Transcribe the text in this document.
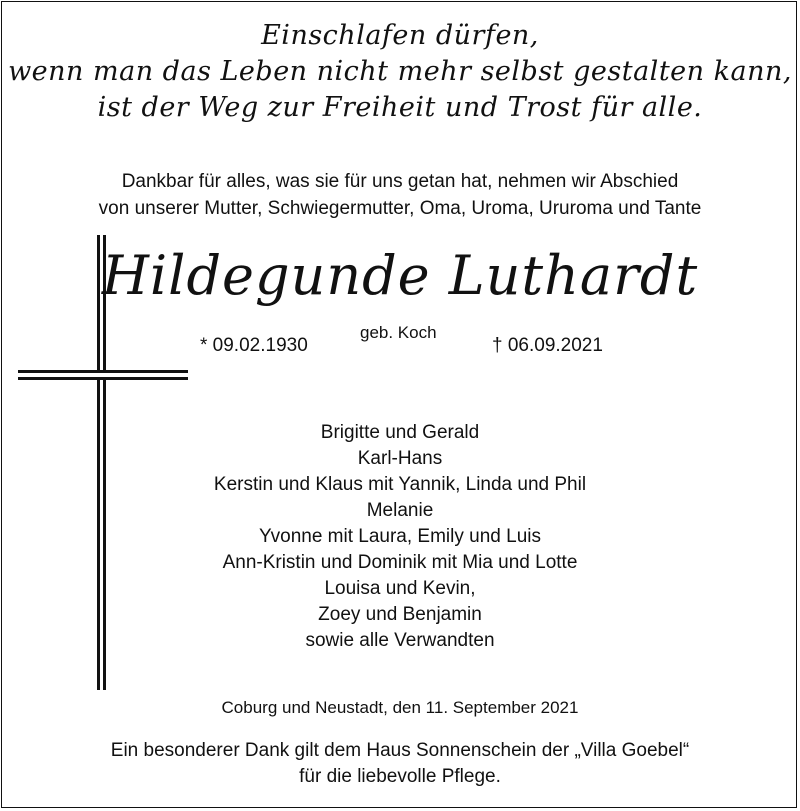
Einschlafen dürfen,
wenn man das Leben nicht mehr selbst gestalten kann,
ist der Weg zur Freiheit und Trost für alle.
Dankbar für alles, was sie für uns getan hat, nehmen wir Abschied
von unserer Mutter, Schwiegermutter, Oma, Uroma, Ururoma und Tante
Hildegunde Luthardt
* 09.02.1930
geb. Koch
† 06.09.2021
Brigitte und Gerald
Karl-Hans
Kerstin und Klaus mit Yannik, Linda und Phil
Melanie
Yvonne mit Laura, Emily und Luis
Ann-Kristin und Dominik mit Mia und Lotte
Louisa und Kevin,
Zoey und Benjamin
sowie alle Verwandten
Coburg und Neustadt, den 11. September 2021
Ein besonderer Dank gilt dem Haus Sonnenschein der „Villa Goebel“
für die liebevolle Pflege.
